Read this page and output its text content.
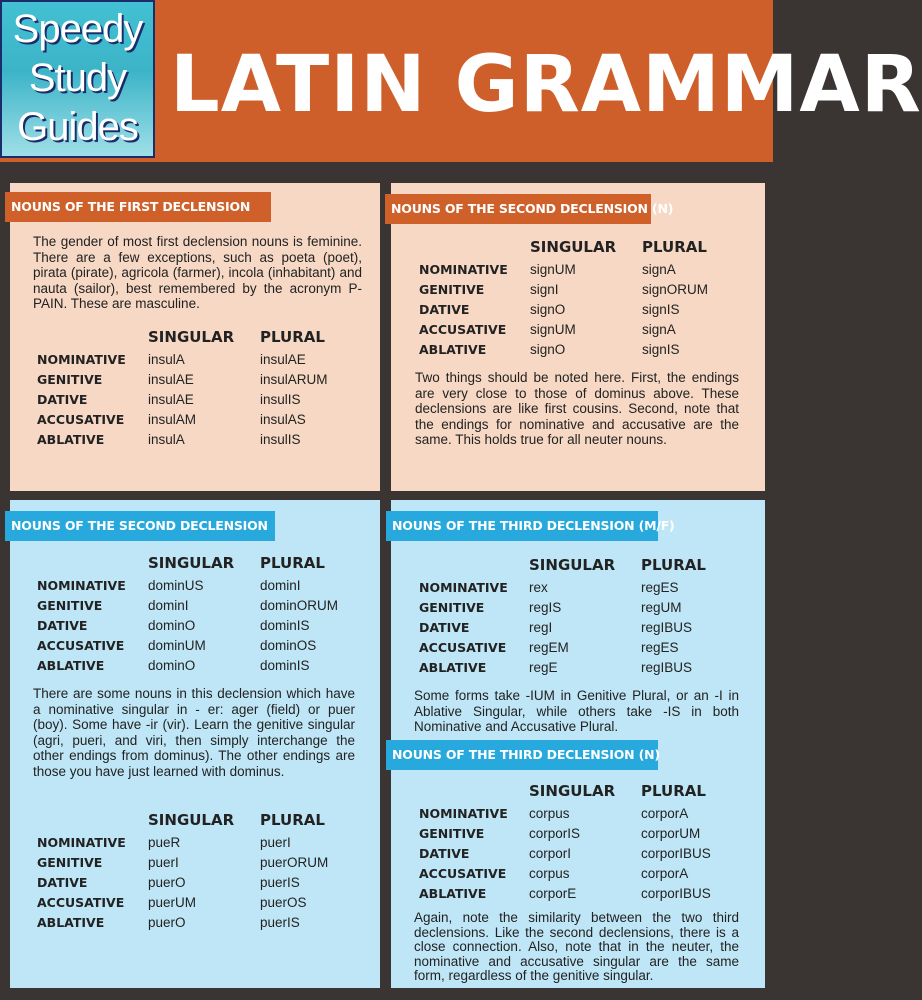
Speedy
Study
Guides LATIN GRAMMAR
NOUNS OF THE FIRST DECLENSION

The gender of most first declension nouns is feminine. There are a few exceptions, such as poeta (poet), pirata (pirate), agricola (farmer), incola (inhabitant) and nauta (sailor), best remembered by the acronym P-PAIN. These are masculine.

	SINGULAR	PLURAL
NOMINATIVE	insulA	insulAE
GENITIVE	insulAE	insulARUM
DATIVE	insulAE	insulIS
ACCUSATIVE	insulAM	insulAS
ABLATIVE	insulA	insulIS
NOUNS OF THE SECOND DECLENSION (N)
	SINGULAR	PLURAL
NOMINATIVE	signUM	signA
GENITIVE	signI	signORUM
DATIVE	signO	signIS
ACCUSATIVE	signUM	signA
ABLATIVE	signO	signIS

Two things should be noted here. First, the endings are very close to those of dominus above. These declensions are like first cousins. Second, note that the endings for nominative and accusative are the same. This holds true for all neuter nouns.

NOUNS OF THE SECOND DECLENSION
	SINGULAR	PLURAL
NOMINATIVE	dominUS	dominI
GENITIVE	dominI	dominORUM
DATIVE	dominO	dominIS
ACCUSATIVE	dominUM	dominOS
ABLATIVE	dominO	dominIS

There are some nouns in this declension which have a nominative singular in - er: ager (field) or puer (boy). Some have -ir (vir). Learn the genitive singular (agri, pueri, and viri, then simply interchange the other endings from dominus). The other endings are those you have just learned with dominus.

	SINGULAR	PLURAL
NOMINATIVE	pueR	puerI
GENITIVE	puerI	puerORUM
DATIVE	puerO	puerIS
ACCUSATIVE	puerUM	puerOS
ABLATIVE	puerO	puerIS
NOUNS OF THE THIRD DECLENSION (M/F)
	SINGULAR	PLURAL
NOMINATIVE	rex	regES
GENITIVE	regIS	regUM
DATIVE	regI	regIBUS
ACCUSATIVE	regEM	regES
ABLATIVE	regE	regIBUS

Some forms take -IUM in Genitive Plural, or an -I in Ablative Singular, while others take -IS in both Nominative and Accusative Plural.

NOUNS OF THE THIRD DECLENSION (N)
	SINGULAR	PLURAL
NOMINATIVE	corpus	corporA
GENITIVE	corporIS	corporUM
DATIVE	corporI	corporIBUS
ACCUSATIVE	corpus	corporA
ABLATIVE	corporE	corporIBUS

Again, note the similarity between the two third declensions. Like the second declensions, there is a close connection. Also, note that in the neuter, the nominative and accusative singular are the same form, regardless of the genitive singular.
